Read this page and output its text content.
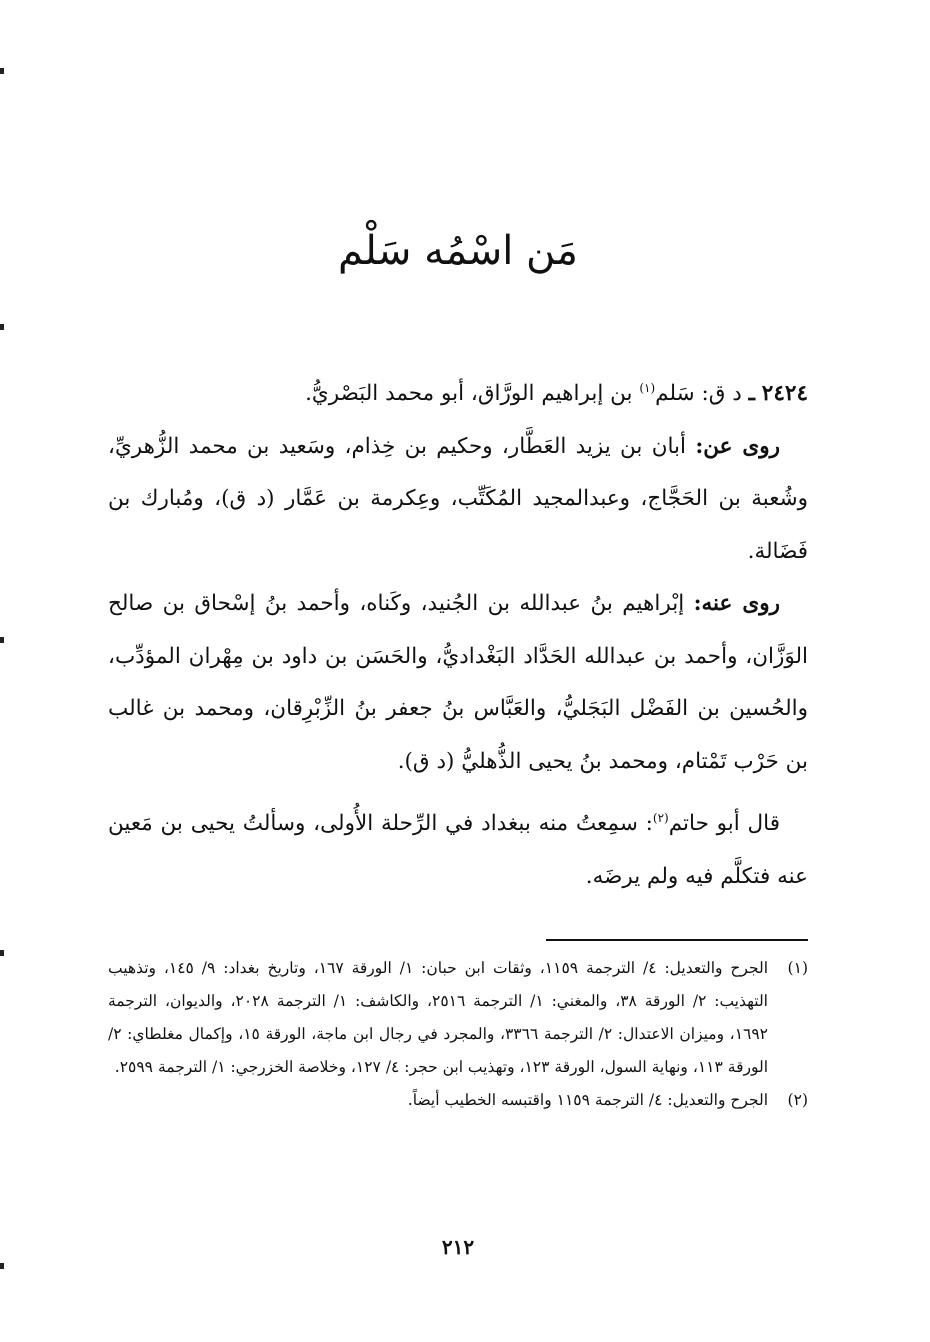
مَن اسْمُه سَلْم

٢٤٢٤ ـ د ق: سَلم$^{(١)}$ بن إبراهيم الورَّاق، أبو محمد البَصْريُّ.

روى عن: أبان بن يزيد العَطَّار، وحكيم بن خِذام، وسَعيد بن محمد الزُّهريِّ، وشُعبة بن الحَجَّاج، وعبدالمجيد المُكَتِّب، وعِكرمة بن عَمَّار (د ق)، ومُبارك بن فَضَالة.

روى عنه: إبْراهيم بنُ عبدالله بن الجُنيد، وكَناه، وأحمد بنُ إسْحاق بن صالح الوَزَّان، وأحمد بن عبدالله الحَدَّاد البَغْداديُّ، والحَسَن بن داود بن مِهْران المؤدِّب، والحُسين بن الفَضْل البَجَليُّ، والعَبَّاس بنُ جعفر بنُ الزِّبْرِقان، ومحمد بن غالب بن حَرْب تَمْتام، ومحمد بنُ يحيى الذُّهليُّ (د ق).

قال أبو حاتم$^{(٢)}$: سمِعتُ منه ببغداد في الرِّحلة الأُولى، وسألتُ يحيى بن مَعين عنه فتكلَّم فيه ولم يرضَه.

(١)

الجرح والتعديل: ٤/ الترجمة ١١٥٩، وثقات ابن حبان: ١/ الورقة ١٦٧، وتاريخ بغداد: ٩/ ١٤٥، وتذهيب التهذيب: ٢/ الورقة ٣٨، والمغني: ١/ الترجمة ٢٥١٦، والكاشف: ١/ الترجمة ٢٠٢٨، والديوان، الترجمة ١٦٩٢، وميزان الاعتدال: ٢/ الترجمة ٣٣٦٦، والمجرد في رجال ابن ماجة، الورقة ١٥، وإكمال مغلطاي: ٢/ الورقة ١١٣، ونهاية السول، الورقة ١٢٣، وتهذيب ابن حجر: ٤/ ١٢٧، وخلاصة الخزرجي: ١/ الترجمة ٢٥٩٩.

(٢)

الجرح والتعديل: ٤/ الترجمة ١١٥٩ واقتبسه الخطيب أيضاً.

٢١٢
